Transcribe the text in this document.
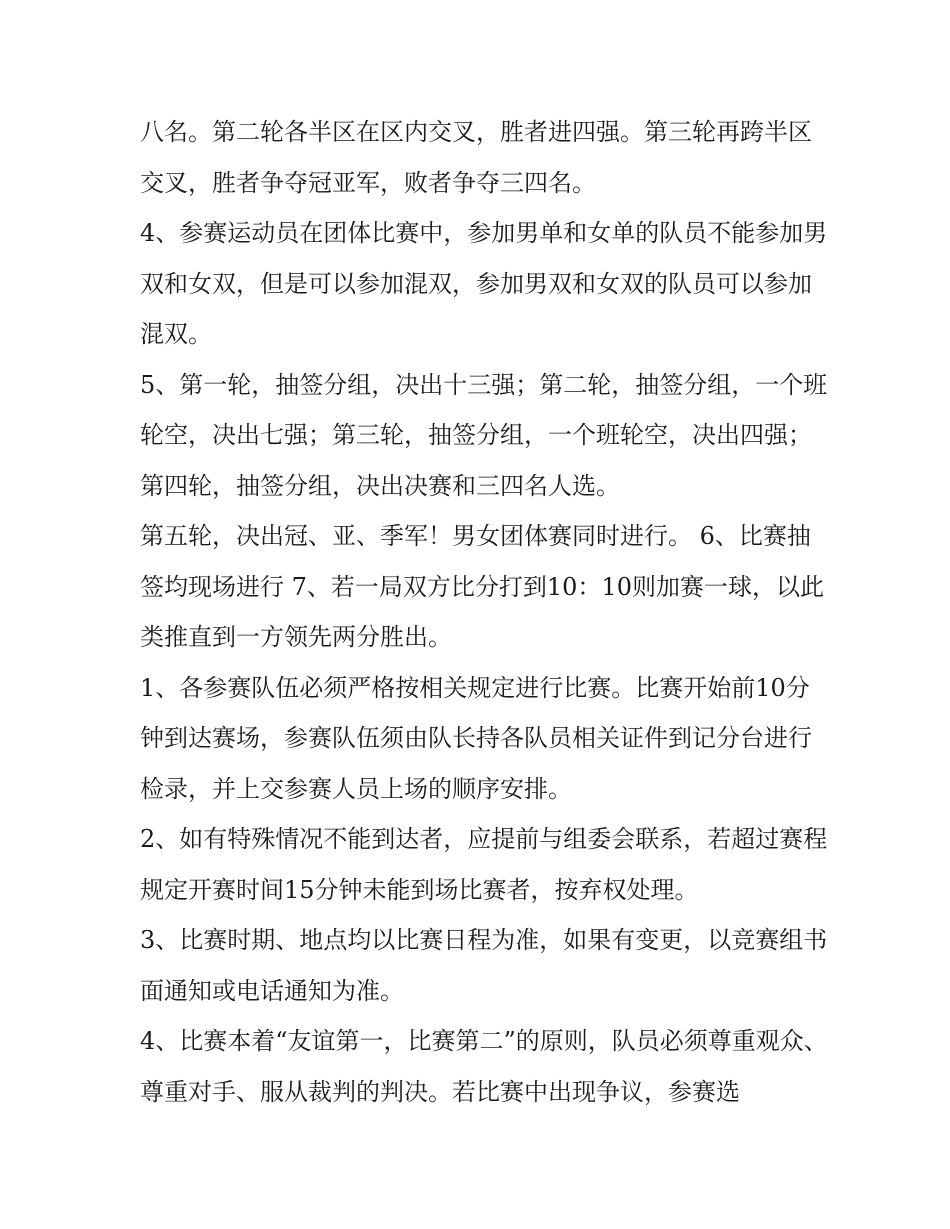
八名。第二轮各半区在区内交叉，胜者进四强。第三轮再跨半区交叉，胜者争夺冠亚军，败者争夺三四名。

4、参赛运动员在团体比赛中，参加男单和女单的队员不能参加男双和女双，但是可以参加混双，参加男双和女双的队员可以参加混双。

5、第一轮，抽签分组，决出十三强；第二轮，抽签分组，一个班轮空，决出七强；第三轮，抽签分组，一个班轮空，决出四强；第四轮，抽签分组，决出决赛和三四名人选。

第五轮，决出冠、亚、季军！男女团体赛同时进行。 6、比赛抽签均现场进行 7、若一局双方比分打到10：10则加赛一球，以此类推直到一方领先两分胜出。

1、各参赛队伍必须严格按相关规定进行比赛。比赛开始前10分钟到达赛场，参赛队伍须由队长持各队员相关证件到记分台进行检录，并上交参赛人员上场的顺序安排。

2、如有特殊情况不能到达者，应提前与组委会联系，若超过赛程规定开赛时间15分钟未能到场比赛者，按弃权处理。

3、比赛时期、地点均以比赛日程为准，如果有变更，以竞赛组书面通知或电话通知为准。

4、比赛本着“友谊第一，比赛第二”的原则，队员必须尊重观众、尊重对手、服从裁判的判决。若比赛中出现争议，参赛选
